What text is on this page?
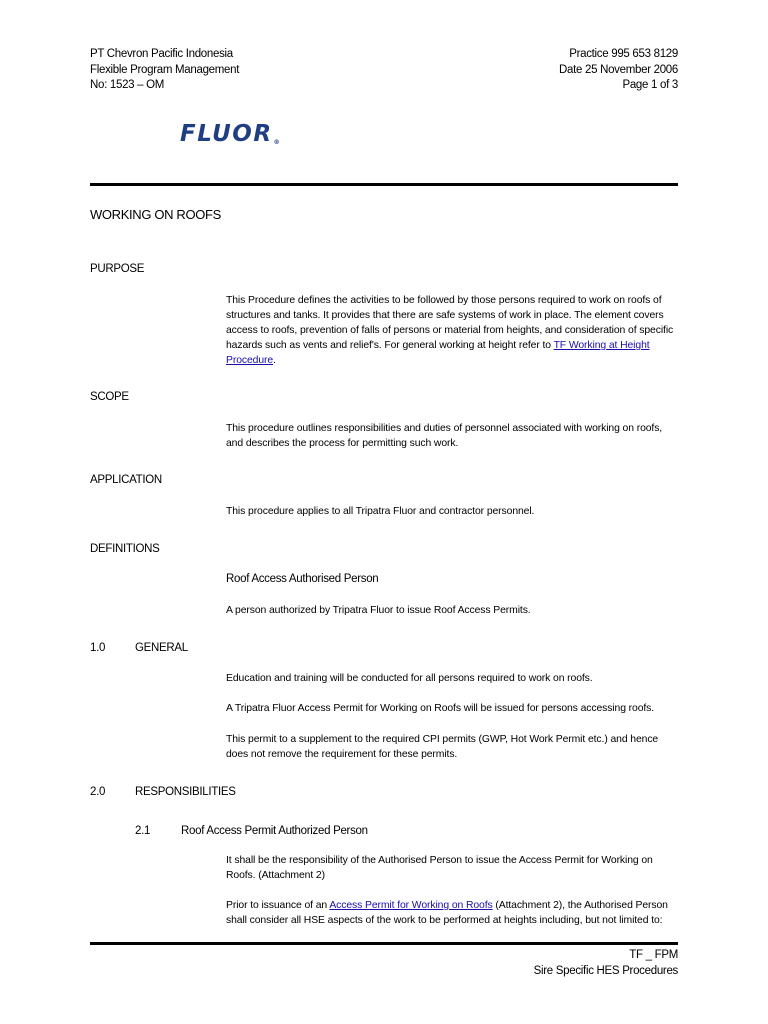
PT Chevron Pacific Indonesia
Flexible Program Management
No: 1523 – OM
Practice 995 653 8129
Date 25 November 2006
Page 1 of 3
FLUOR®
WORKING ON ROOFS
PURPOSE
This Procedure defines the activities to be followed by those persons required to work on roofs of structures and tanks. It provides that there are safe systems of work in place. The element covers access to roofs, prevention of falls of persons or material from heights, and consideration of specific hazards such as vents and relief's. For general working at height refer to TF Working at Height Procedure.
SCOPE
This procedure outlines responsibilities and duties of personnel associated with working on roofs, and describes the process for permitting such work.
APPLICATION
This procedure applies to all Tripatra Fluor and contractor personnel.
DEFINITIONS
Roof Access Authorised Person
A person authorized by Tripatra Fluor to issue Roof Access Permits.
1.0	GENERAL
Education and training will be conducted for all persons required to work on roofs.
A Tripatra Fluor Access Permit for Working on Roofs will be issued for persons accessing roofs.
This permit to a supplement to the required CPI permits (GWP, Hot Work Permit etc.) and hence does not remove the requirement for these permits.
2.0	RESPONSIBILITIES
2.1	Roof Access Permit Authorized Person
It shall be the responsibility of the Authorised Person to issue the Access Permit for Working on Roofs. (Attachment 2)
Prior to issuance of an Access Permit for Working on Roofs (Attachment 2), the Authorised Person shall consider all HSE aspects of the work to be performed at heights including, but not limited to:
TF _ FPM
Sire Specific HES Procedures
